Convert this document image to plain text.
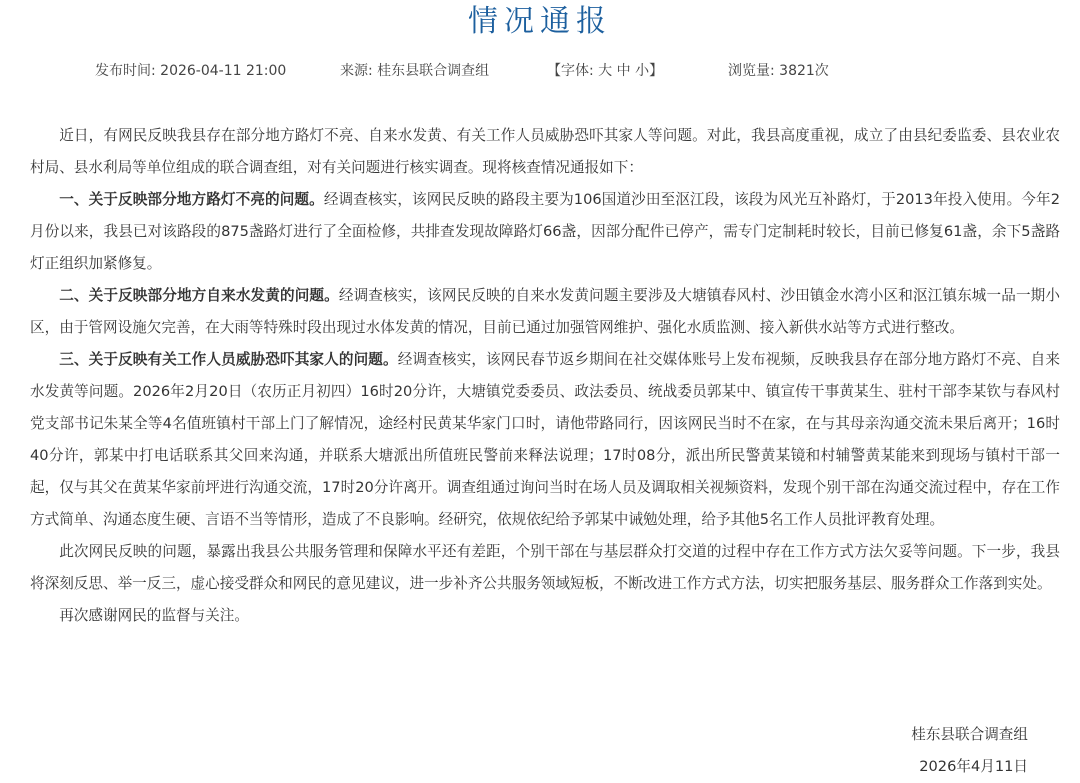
情况通报
发布时间: 2026-04-11 21:00	来源: 桂东县联合调查组	【字体: 大 中 小】	浏览量: 3821次

近日，有网民反映我县存在部分地方路灯不亮、自来水发黄、有关工作人员威胁恐吓其家人等问题。对此，我县高度重视，成立了由县纪委监委、县农业农村局、县水利局等单位组成的联合调查组，对有关问题进行核实调查。现将核查情况通报如下：

一、关于反映部分地方路灯不亮的问题。经调查核实，该网民反映的路段主要为106国道沙田至沤江段，该段为风光互补路灯，于2013年投入使用。今年2月份以来，我县已对该路段的875盏路灯进行了全面检修，共排查发现故障路灯66盏，因部分配件已停产，需专门定制耗时较长，目前已修复61盏，余下5盏路灯正组织加紧修复。

二、关于反映部分地方自来水发黄的问题。经调查核实，该网民反映的自来水发黄问题主要涉及大塘镇春风村、沙田镇金水湾小区和沤江镇东城一品一期小区，由于管网设施欠完善，在大雨等特殊时段出现过水体发黄的情况，目前已通过加强管网维护、强化水质监测、接入新供水站等方式进行整改。

三、关于反映有关工作人员威胁恐吓其家人的问题。经调查核实，该网民春节返乡期间在社交媒体账号上发布视频，反映我县存在部分地方路灯不亮、自来水发黄等问题。2026年2月20日（农历正月初四）16时20分许，大塘镇党委委员、政法委员、统战委员郭某中、镇宣传干事黄某生、驻村干部李某钦与春风村党支部书记朱某全等4名值班镇村干部上门了解情况，途经村民黄某华家门口时，请他带路同行，因该网民当时不在家，在与其母亲沟通交流未果后离开；16时40分许，郭某中打电话联系其父回来沟通，并联系大塘派出所值班民警前来释法说理；17时08分，派出所民警黄某镜和村辅警黄某能来到现场与镇村干部一起，仅与其父在黄某华家前坪进行沟通交流，17时20分许离开。调查组通过询问当时在场人员及调取相关视频资料，发现个别干部在沟通交流过程中，存在工作方式简单、沟通态度生硬、言语不当等情形，造成了不良影响。经研究，依规依纪给予郭某中诫勉处理，给予其他5名工作人员批评教育处理。

此次网民反映的问题，暴露出我县公共服务管理和保障水平还有差距，个别干部在与基层群众打交道的过程中存在工作方式方法欠妥等问题。下一步，我县将深刻反思、举一反三，虚心接受群众和网民的意见建议，进一步补齐公共服务领域短板，不断改进工作方式方法，切实把服务基层、服务群众工作落到实处。

再次感谢网民的监督与关注。

桂东县联合调查组
2026年4月11日
